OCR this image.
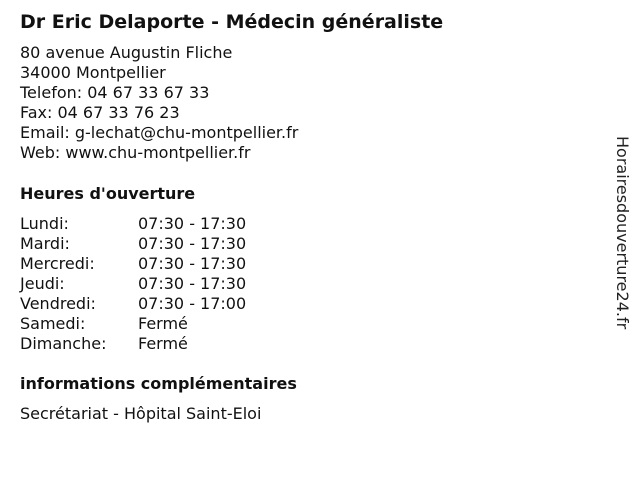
Dr Eric Delaporte - Médecin généraliste
80 avenue Augustin Fliche
34000 Montpellier
Telefon: 04 67 33 67 33
Fax: 04 67 33 76 23
Email: g-lechat@chu-montpellier.fr
Web: www.chu-montpellier.fr
Heures d'ouverture
Lundi:	07:30 - 17:30
Mardi:	07:30 - 17:30
Mercredi:	07:30 - 17:30
Jeudi:	07:30 - 17:30
Vendredi:	07:30 - 17:00
Samedi:	Fermé
Dimanche: Fermé
informations complémentaires
Secrétariat - Hôpital Saint-Eloi
Horairesdouverture24.fr
